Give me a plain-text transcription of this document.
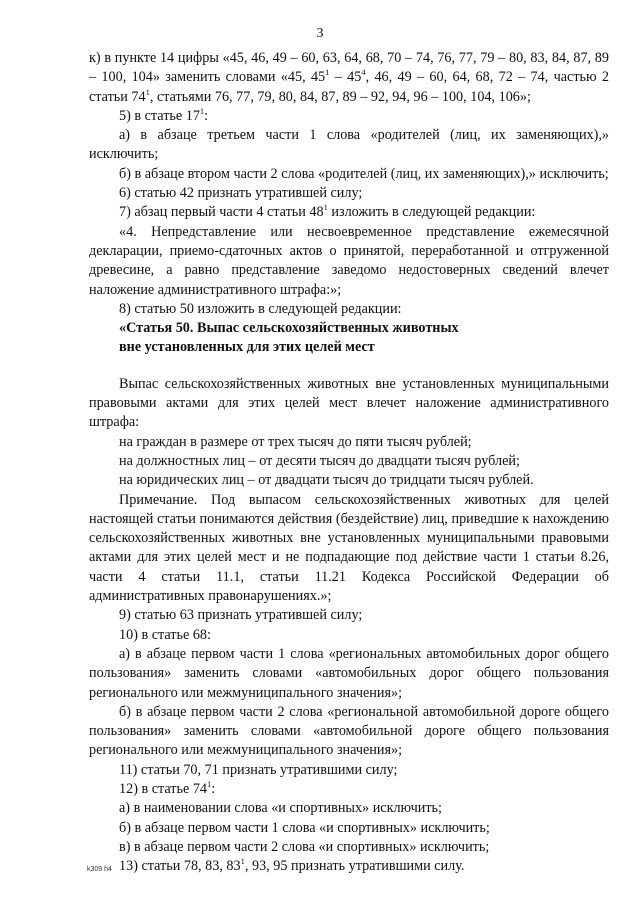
3

к) в пункте 14 цифры «45, 46, 49 – 60, 63, 64, 68, 70 – 74, 76, 77, 79 – 80, 83, 84, 87, 89 – 100, 104» заменить словами «45, $45^1 - 45^4$, 46, 49 – 60, 64, 68, 72 – 74, частью 2 статьи $74^1$, статьями 76, 77, 79, 80, 84, 87, 89 – 92, 94, 96 – 100, 104, 106»;

5) в статье $17^1$:

а) в абзаце третьем части 1 слова «родителей (лиц, их заменяющих),» исключить;

б) в абзаце втором части 2 слова «родителей (лиц, их заменяющих),» исключить;

6) статью 42 признать утратившей силу;

7) абзац первый части 4 статьи $48^1$ изложить в следующей редакции:

«4. Непредставление или несвоевременное представление ежемесячной декларации, приемо-сдаточных актов о принятой, переработанной и отгруженной древесине, а равно представление заведомо недостоверных сведений влечет наложение административного штрафа:»;

8) статью 50 изложить в следующей редакции:

«Статья 50. Выпас сельскохозяйственных животных

вне установленных для этих целей мест

Выпас сельскохозяйственных животных вне установленных муниципальными правовыми актами для этих целей мест влечет наложение административного штрафа:

на граждан в размере от трех тысяч до пяти тысяч рублей;

на должностных лиц – от десяти тысяч до двадцати тысяч рублей;

на юридических лиц – от двадцати тысяч до тридцати тысяч рублей.

Примечание. Под выпасом сельскохозяйственных животных для целей настоящей статьи понимаются действия (бездействие) лиц, приведшие к нахождению сельскохозяйственных животных вне установленных муниципальными правовыми актами для этих целей мест и не подпадающие под действие части 1 статьи 8.26, части 4 статьи 11.1, статьи 11.21 Кодекса Российской Федерации об административных правонарушениях.»;

9) статью 63 признать утратившей силу;

10) в статье 68:

а) в абзаце первом части 1 слова «региональных автомобильных дорог общего пользования» заменить словами «автомобильных дорог общего пользования регионального или межмуниципального значения»;

б) в абзаце первом части 2 слова «региональной автомобильной дороге общего пользования» заменить словами «автомобильной дороге общего пользования регионального или межмуниципального значения»;

11) статьи 70, 71 признать утратившими силу;

12) в статье $74^1$:

а) в наименовании слова «и спортивных» исключить;

б) в абзаце первом части 1 слова «и спортивных» исключить;

в) в абзаце первом части 2 слова «и спортивных» исключить;

13) статьи 78, 83, $83^1$, 93, 95 признать утратившими силу.

k309 h4
